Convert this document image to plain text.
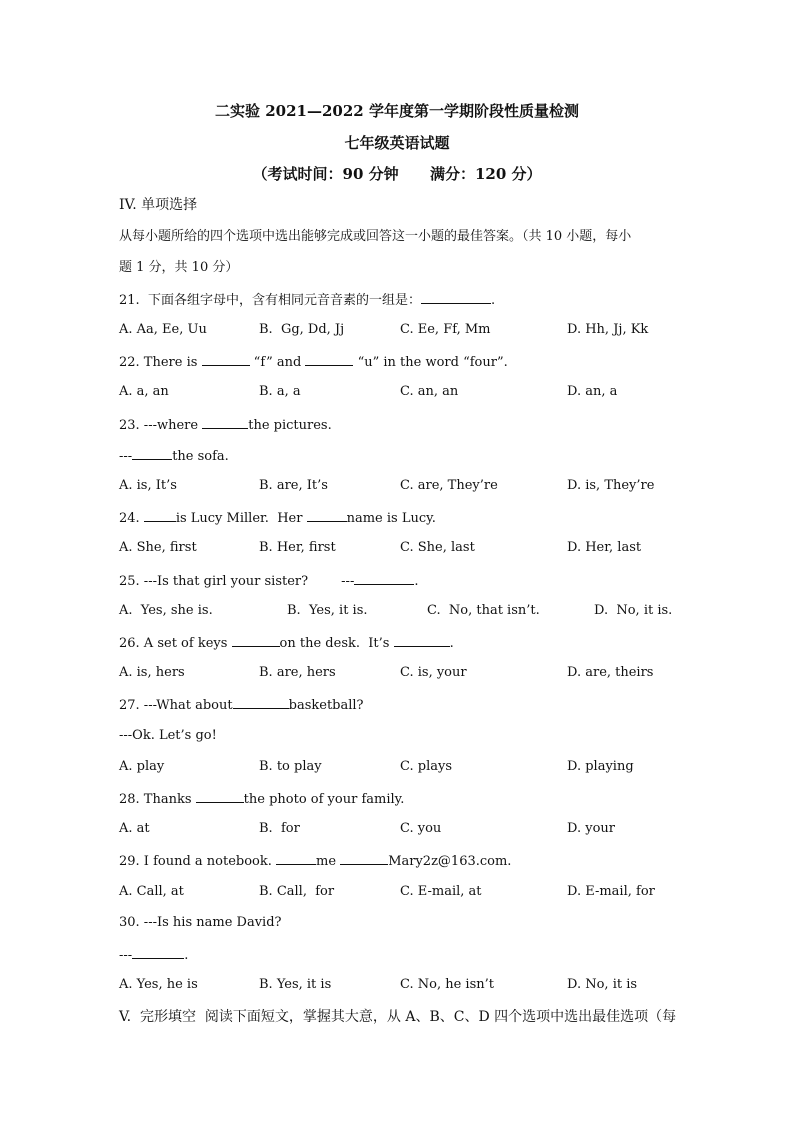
二实验 2021—2022 学年度第一学期阶段性质量检测
七年级英语试题
（考试时间：90 分钟      满分：120 分）
IV. 单项选择
从每小题所给的四个选项中选出能够完成或回答这一小题的最佳答案。（共 10 小题，每小
题 1 分，共 10 分）
21.  下面各组字母中，含有相同元音音素的一组是：	.
A. Aa, Ee, Uu	B.  Gg, Dd, Jj	C. Ee, Ff, Mm	D. Hh, Jj, Kk
22. There is	“f” and	“u” in the word “four”.
A. a, an	B. a, a	C. an, an	D. an, a
23. ---where	the pictures.
---	the sofa.
A. is, It’s	B. are, It’s	C. are, They’re	D. is, They’re
24. is Lucy Miller.  Her	name is Lucy.
A. She, first	B. Her, first	C. She, last	D. Her, last
25. ---Is that girl your sister?        ---	.
A.  Yes, she is.	B.  Yes, it is.	C.  No, that isn’t.	D.  No, it is.
26. A set of keys	on the desk.  It’s	.
A. is, hers	B. are, hers	C. is, your	D. are, theirs
27. ---What about	basketball?
---Ok. Let’s go!
A. play	B. to play	C. plays	D. playing
28. Thanks	the photo of your family.
A. at	B.  for	C. you	D. your
29. I found a notebook.	me	Mary2z@163.com.
A. Call, at	B. Call,  for	C. E-mail, at	D. E-mail, for
30. ---Is his name David?
---	.
A. Yes, he is	B. Yes, it is	C. No, he isn’t	D. No, it is
V.  完形填空  阅读下面短文，掌握其大意，从 A、B、C、D 四个选项中选出最佳选项（每
